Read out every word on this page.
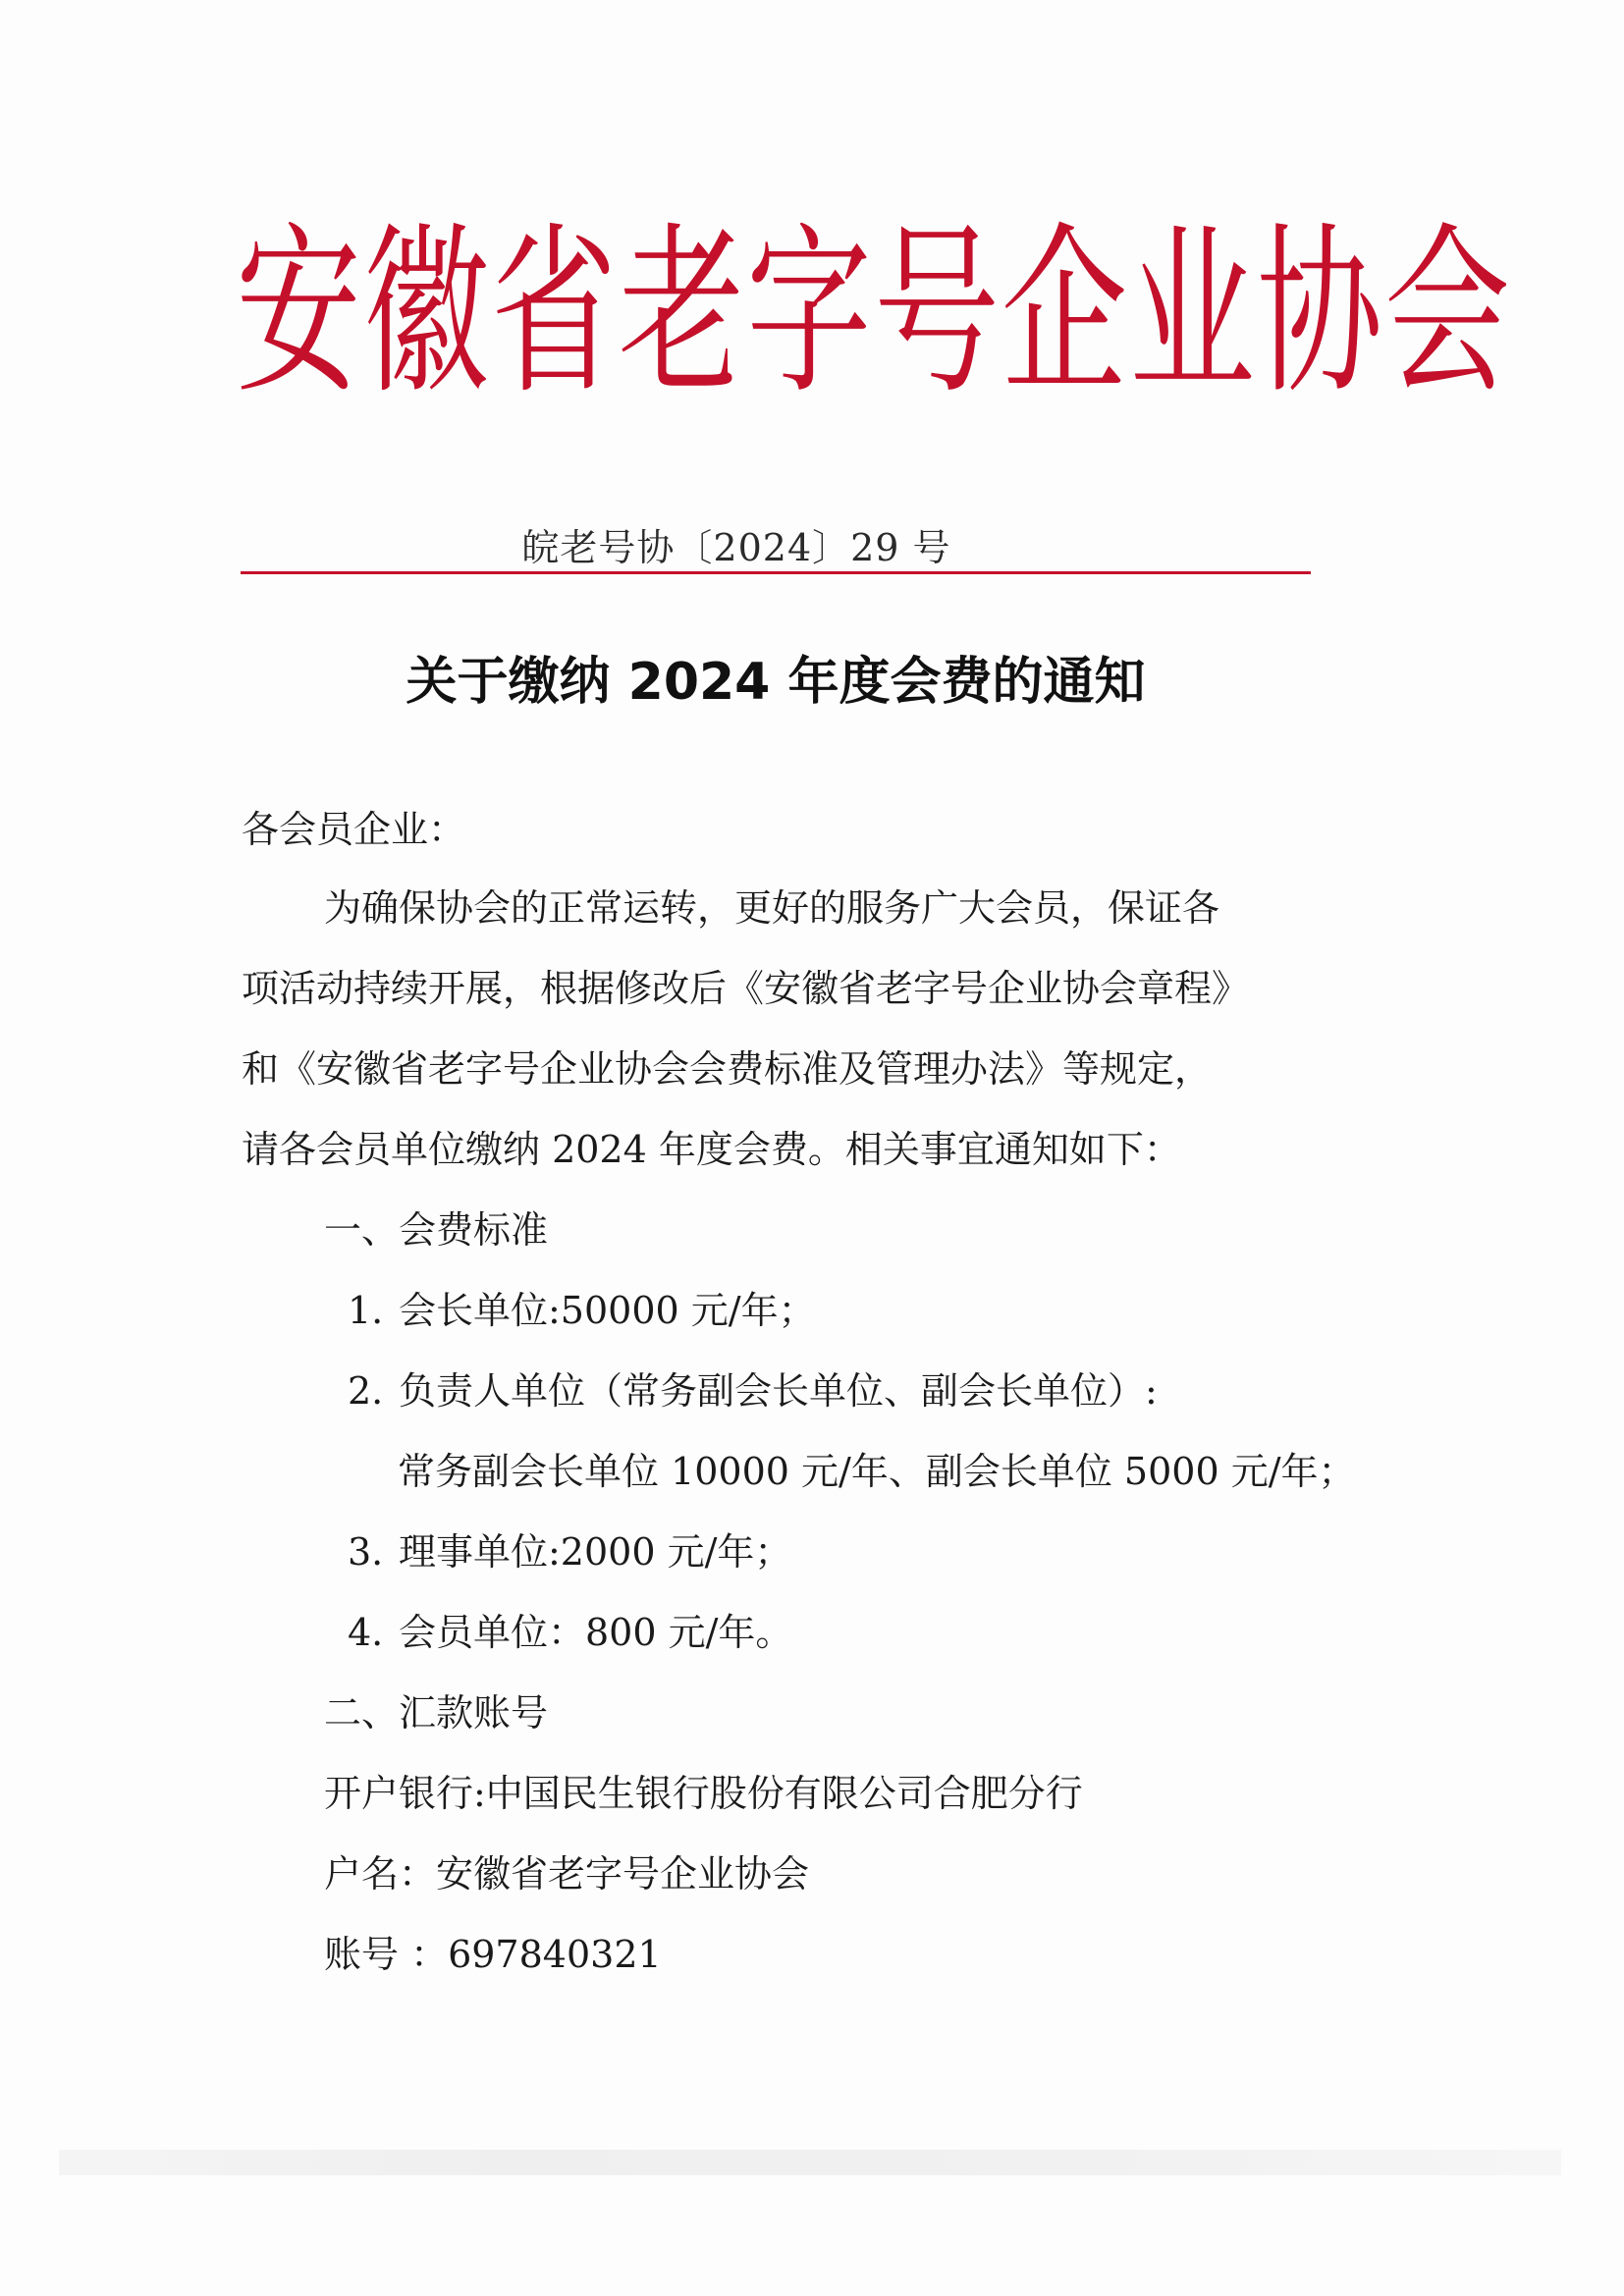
安徽省老字号企业协会
皖老号协〔2024〕29 号
关于缴纳 2024 年度会费的通知
各会员企业：
为确保协会的正常运转，更好的服务广大会员，保证各
项活动持续开展，根据修改后《安徽省老字号企业协会章程》
和《安徽省老字号企业协会会费标准及管理办法》等规定，
请各会员单位缴纳 2024 年度会费。相关事宜通知如下：
一、会费标准
1. 会长单位:50000 元/年；
2. 负责人单位（常务副会长单位、副会长单位）:
常务副会长单位 10000 元/年、副会长单位 5000 元/年；
3. 理事单位:2000 元/年；
4. 会员单位：800 元/年。
二、汇款账号
开户银行:中国民生银行股份有限公司合肥分行
户名：安徽省老字号企业协会
账号 ：697840321
